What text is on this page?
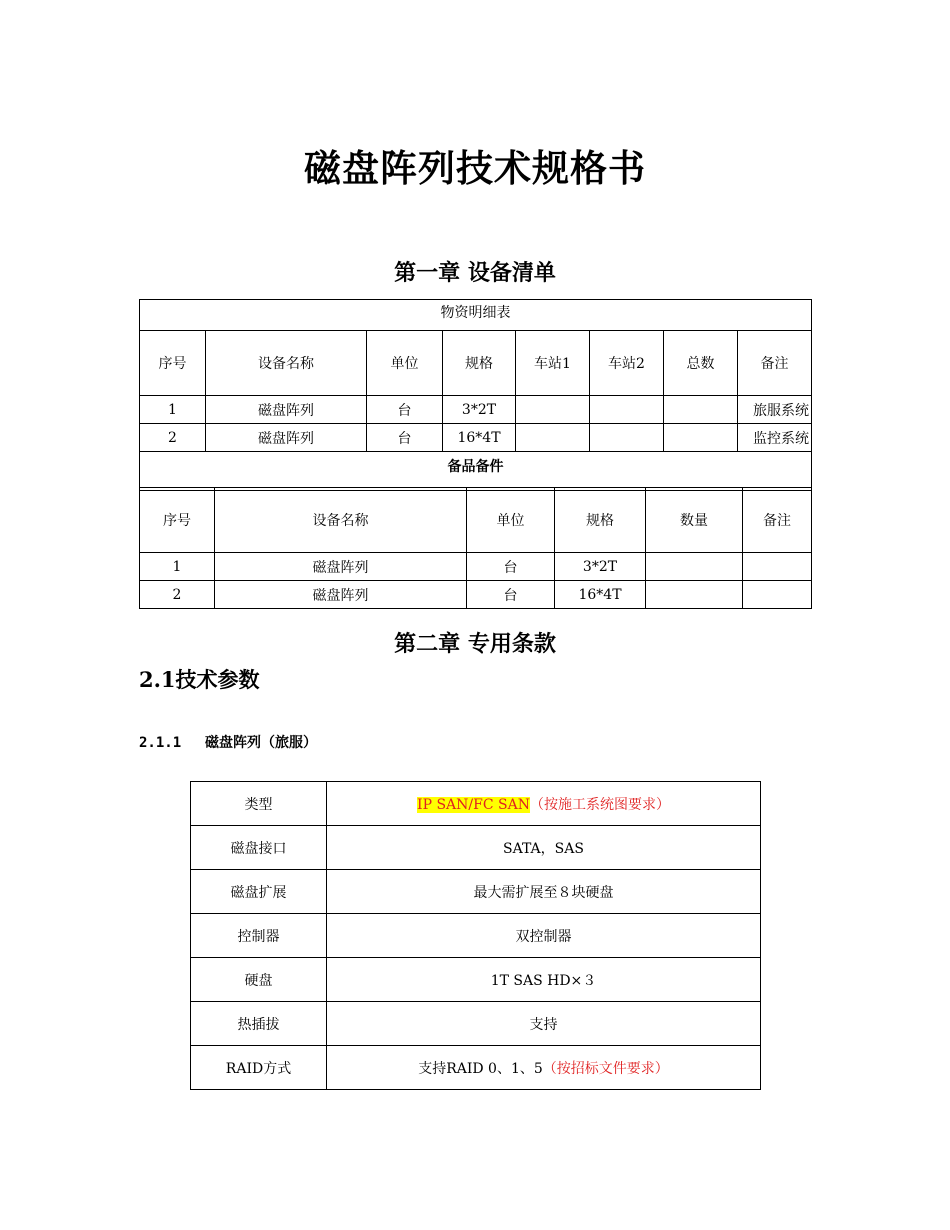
磁盘阵列技术规格书
第一章 设备清单
物资明细表							
序号	设备名称	单位	规格	车站1	车站2	总数	备注
1	磁盘阵列	台	3*2T				旅服系统
2	磁盘阵列	台	16*4T				监控系统
备品备件							
序号	设备名称	单位	规格	数量	备注
1	磁盘阵列	台	3*2T		
2	磁盘阵列	台	16*4T		
第二章 专用条款
2.1技术参数
2.1.1 磁盘阵列（旅服）
类型	IP SAN/FC SAN（按施工系统图要求）
磁盘接口	SATA，SAS
磁盘扩展	最大需扩展至８块硬盘
控制器	双控制器
硬盘	1T SAS HD×３
热插拔	支持
RAID方式	支持RAID 0、1、5（按招标文件要求）
